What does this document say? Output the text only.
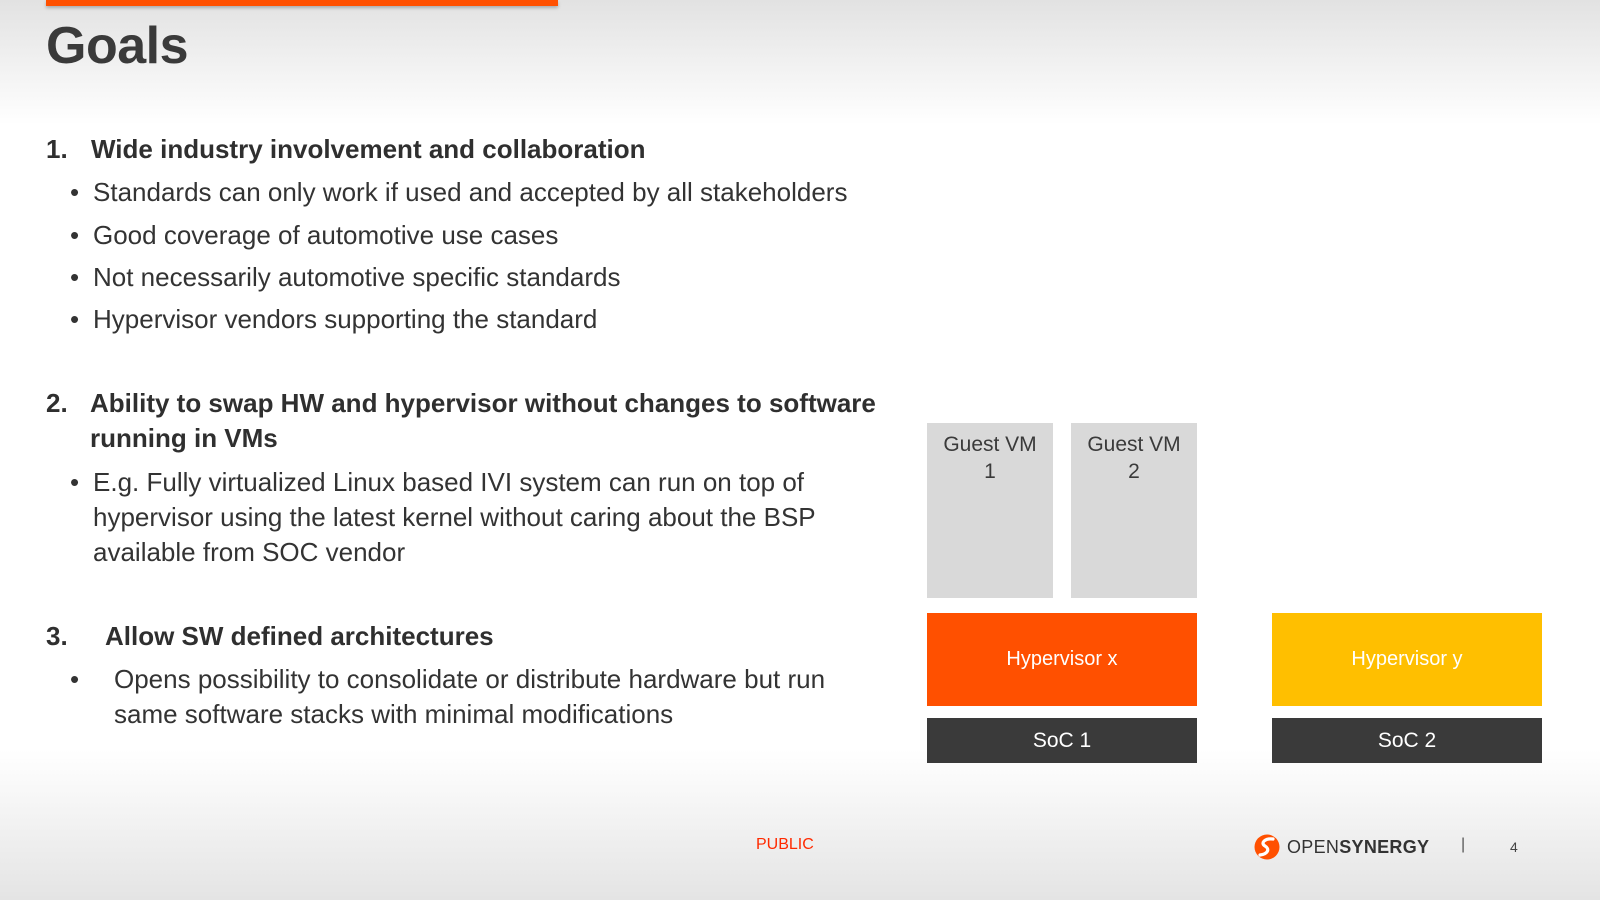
Goals
1. Wide industry involvement and collaboration
• Standards can only work if used and accepted by all stakeholders
• Good coverage of automotive use cases
• Not necessarily automotive specific standards
• Hypervisor vendors supporting the standard
2. Ability to swap HW and hypervisor without changes to software
running in VMs
• E.g. Fully virtualized Linux based IVI system can run on top of
hypervisor using the latest kernel without caring about the BSP
available from SOC vendor
3.	Allow SW defined architectures
•	Opens possibility to consolidate or distribute hardware but run
same software stacks with minimal modifications
Guest VM
1
Guest VM
2
Hypervisor x	Hypervisor y
SoC 1	SoC 2
PUBLIC	OPENSYNERGY |	4
